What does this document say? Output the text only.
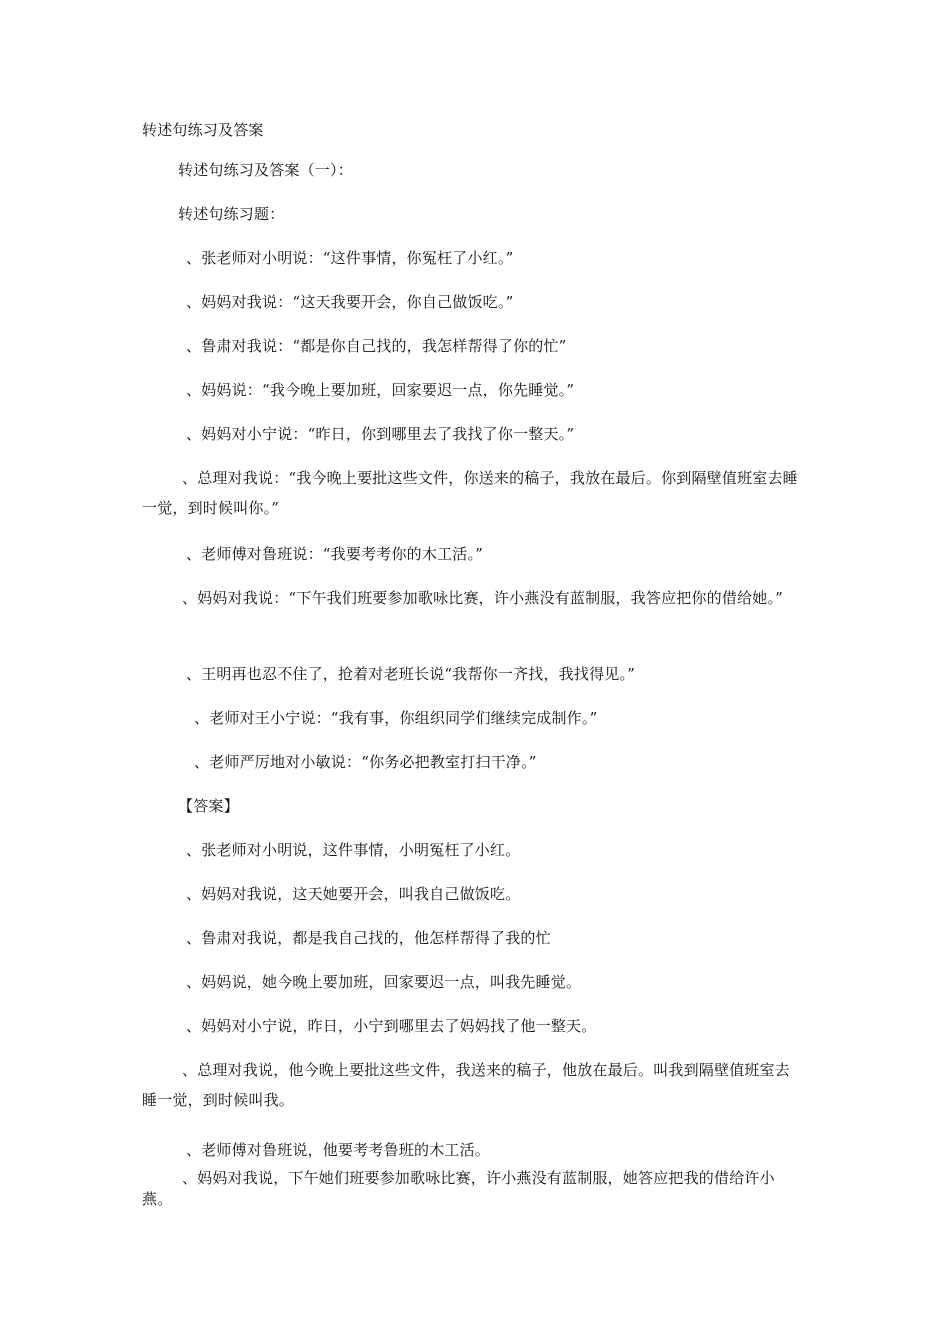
转述句练习及答案
转述句练习及答案（一）：
转述句练习题：
、张老师对小明说：“这件事情，你冤枉了小红。”
、妈妈对我说：“这天我要开会，你自己做饭吃。”
、鲁肃对我说：“都是你自己找的，我怎样帮得了你的忙”
、妈妈说：“我今晚上要加班，回家要迟一点，你先睡觉。”
、妈妈对小宁说：“昨日，你到哪里去了我找了你一整天。”
、总理对我说：“我今晚上要批这些文件，你送来的稿子，我放在最后。你到隔壁值班室去睡一觉，到时候叫你。”
、老师傅对鲁班说：“我要考考你的木工活。”
、妈妈对我说：“下午我们班要参加歌咏比赛，许小燕没有蓝制服，我答应把你的借给她。”
、王明再也忍不住了，抢着对老班长说“我帮你一齐找，我找得见。”
、老师对王小宁说：“我有事，你组织同学们继续完成制作。”
、老师严厉地对小敏说：“你务必把教室打扫干净。”
【答案】
、张老师对小明说，这件事情，小明冤枉了小红。
、妈妈对我说，这天她要开会，叫我自己做饭吃。
、鲁肃对我说，都是我自己找的，他怎样帮得了我的忙
、妈妈说，她今晚上要加班，回家要迟一点，叫我先睡觉。
、妈妈对小宁说，昨日，小宁到哪里去了妈妈找了他一整天。
、总理对我说，他今晚上要批这些文件，我送来的稿子，他放在最后。叫我到隔壁值班室去睡一觉，到时候叫我。
、老师傅对鲁班说，他要考考鲁班的木工活。
、妈妈对我说，下午她们班要参加歌咏比赛，许小燕没有蓝制服，她答应把我的借给许小燕。
